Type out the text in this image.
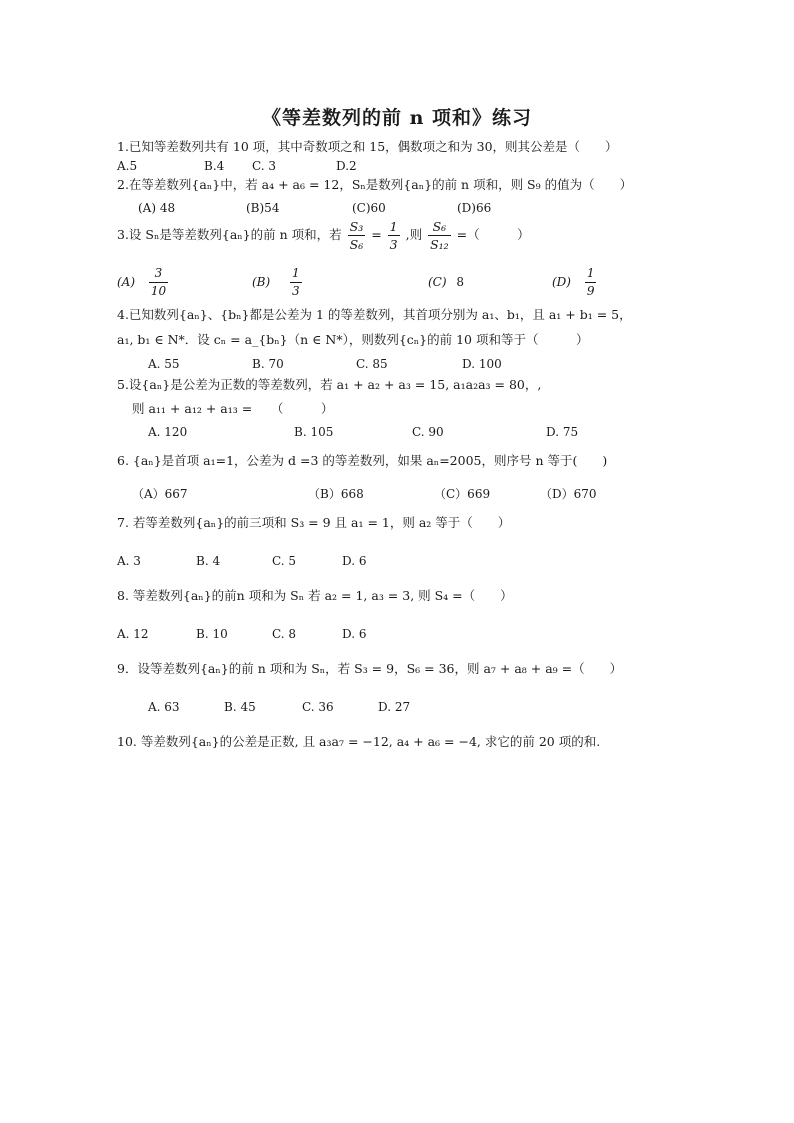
《等差数列的前 n 项和》练习
1.已知等差数列共有 10 项，其中奇数项之和 15，偶数项之和为 30，则其公差是（　　）
A.5	B.4 C. 3	D.2
2.在等差数列{aₙ}中，若 a₄ + a₆ = 12，Sₙ是数列{aₙ}的前 n 项和，则 S₉ 的值为（　　）
(A) 48	(B)54	(C)60	(D)66
3.设 Sₙ是等差数列{aₙ}的前 n 项和，若 $\frac{\text{S₃}}{\text{S₆}} = \frac{1}{3}$ ,则 $\frac{\text{S₆}}{\text{S₁₂}}$ =（　　　）
$(A) \frac{3}{10}$	$(B) \frac{1}{3}$	(C) 8	$(D) \frac{1}{9}$
4.已知数列{aₙ}、{bₙ}都是公差为 1 的等差数列，其首项分别为 a₁、b₁，且 a₁ + b₁ = 5，
a₁, b₁ ∈ N*．设 cₙ = a_{bₙ}（n ∈ N*），则数列{cₙ}的前 10 项和等于（　　　）
A. 55	B. 70	C. 85	D. 100
5.设{aₙ}是公差为正数的等差数列，若 a₁ + a₂ + a₃ = 15, a₁a₂a₃ = 80，,
则 a₁₁ + a₁₂ + a₁₃ =　　（　　　）
A. 120	B. 105	C. 90	D. 75
6. {aₙ}是首项 a₁=1，公差为 d =3 的等差数列，如果 aₙ=2005，则序号 n 等于(　　)
（A）667	（B）668	（C）669	（D）670
7. 若等差数列{aₙ}的前三项和 S₃ = 9 且 a₁ = 1，则 a₂ 等于（　　）
A. 3	B. 4	C. 5	D. 6
8. 等差数列{aₙ}的前n 项和为 Sₙ 若 a₂ = 1, a₃ = 3, 则 S₄ =（　　）
A. 12	B. 10	C. 8	D. 6
9．设等差数列{aₙ}的前 n 项和为 Sₙ，若 S₃ = 9，S₆ = 36，则 a₇ + a₈ + a₉ =（　　）
A. 63	B. 45	C. 36	D. 27
10. 等差数列{aₙ}的公差是正数, 且 a₃a₇ = −12, a₄ + a₆ = −4, 求它的前 20 项的和.
